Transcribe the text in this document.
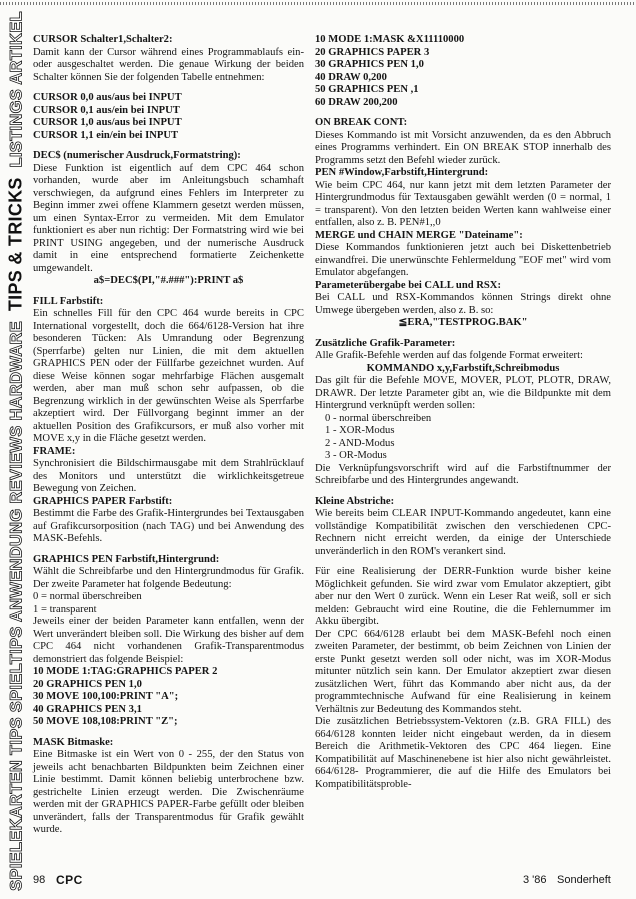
SPIELEKARTEN TIPS SPIELTIPS ANWENDUNG REVIEWS HARDWARE  TIPS & TRICKS  LISTINGS ARTIKEL CURSOR Schalter1,Schalter2:

Damit kann der Cursor während eines Programmablaufs ein- oder ausgeschaltet werden. Die genaue Wirkung der beiden Schalter können Sie der folgenden Tabelle entnehmen:

CURSOR 0,0 aus/aus bei INPUT

CURSOR 0,1 aus/ein bei INPUT

CURSOR 1,0 aus/aus bei INPUT

CURSOR 1,1 ein/ein bei INPUT

DEC$ (numerischer Ausdruck,Formatstring):

Diese Funktion ist eigentlich auf dem CPC 464 schon vorhanden, wurde aber im Anleitungsbuch schamhaft verschwiegen, da aufgrund eines Fehlers im Interpreter zu Beginn immer zwei offene Klammern gesetzt werden müssen, um einen Syntax-Error zu vermeiden. Mit dem Emulator funktioniert es aber nun richtig: Der Formatstring wird wie bei PRINT USING angegeben, und der numerische Ausdruck damit in eine entsprechend formatierte Zeichenkette umgewandelt.

a$=DEC$(PI,"#.###"):PRINT a$

FILL Farbstift:

Ein schnelles Fill für den CPC 464 wurde bereits in CPC International vorgestellt, doch die 664/6128-Version hat ihre besonderen Tücken: Als Umrandung oder Begrenzung (Sperrfarbe) gelten nur Linien, die mit dem aktuellen GRAPHICS PEN oder der Füllfarbe gezeichnet wurden. Auf diese Weise können sogar mehrfarbige Flächen ausgemalt werden, aber man muß schon sehr aufpassen, ob die Begrenzung wirklich in der gewünschten Weise als Sperrfarbe akzeptiert wird. Der Füllvorgang beginnt immer an der aktuellen Position des Grafikcursors, er muß also vorher mit MOVE x,y in die Fläche gesetzt werden.

FRAME:

Synchronisiert die Bildschirmausgabe mit dem Strahlrücklauf des Monitors und unterstützt die wirklichkeitsgetreue Bewegung von Zeichen.

GRAPHICS PAPER Farbstift:

Bestimmt die Farbe des Grafik-Hintergrundes bei Textausgaben auf Grafikcursorposition (nach TAG) und bei Anwendung des MASK-Befehls.

GRAPHICS PEN Farbstift,Hintergrund:

Wählt die Schreibfarbe und den Hintergrundmodus für Grafik. Der zweite Parameter hat folgende Bedeutung:

0 = normal überschreiben

1 = transparent

Jeweils einer der beiden Parameter kann entfallen, wenn der Wert unverändert bleiben soll. Die Wirkung des bisher auf dem CPC 464 nicht vorhandenen Grafik-Transparentmodus demonstriert das folgende Beispiel:

10 MODE 1:TAG:GRAPHICS PAPER 2

20 GRAPHICS PEN 1,0

30 MOVE 100,100:PRINT "A";

40 GRAPHICS PEN 3,1

50 MOVE 108,108:PRINT "Z";

MASK Bitmaske:

Eine Bitmaske ist ein Wert von 0 - 255, der den Status von jeweils acht benachbarten Bildpunkten beim Zeichnen einer Linie bestimmt. Damit können beliebig unterbrochene bzw. gestrichelte Linien erzeugt werden. Die Zwischenräume werden mit der GRAPHICS PAPER-Farbe gefüllt oder bleiben unverändert, falls der Transparentmodus für Grafik gewählt wurde.

10 MODE 1:MASK &X11110000

20 GRAPHICS PAPER 3

30 GRAPHICS PEN 1,0

40 DRAW 0,200

50 GRAPHICS PEN ,1

60 DRAW 200,200

ON BREAK CONT:

Dieses Kommando ist mit Vorsicht anzuwenden, da es den Abbruch eines Programms verhindert. Ein ON BREAK STOP innerhalb des Programms setzt den Befehl wieder zurück.

PEN #Window,Farbstift,Hintergrund:

Wie beim CPC 464, nur kann jetzt mit dem letzten Parameter der Hintergrundmodus für Textausgaben gewählt werden (0 = normal, 1 = transparent). Von den letzten beiden Werten kann wahlweise einer entfallen, also z. B. PEN#1,,0

MERGE und CHAIN MERGE "Dateiname":

Diese Kommandos funktionieren jetzt auch bei Diskettenbetrieb einwandfrei. Die unerwünschte Fehlermeldung "EOF met" wird vom Emulator abgefangen.

Parameterübergabe bei CALL und RSX:

Bei CALL und RSX-Kommandos können Strings direkt ohne Umwege übergeben werden, also z. B. so:

≦ERA,"TESTPROG.BAK"

Zusätzliche Grafik-Parameter:

Alle Grafik-Befehle werden auf das folgende Format erweitert:

KOMMANDO x,y,Farbstift,Schreibmodus

Das gilt für die Befehle MOVE, MOVER, PLOT, PLOTR, DRAW, DRAWR. Der letzte Parameter gibt an, wie die Bildpunkte mit dem Hintergrund verknüpft werden sollen:

0 - normal überschreiben

1 - XOR-Modus

2 - AND-Modus

3 - OR-Modus

Die Verknüpfungsvorschrift wird auf die Farbstiftnummer der Schreibfarbe und des Hintergrundes angewandt.

Kleine Abstriche:

Wie bereits beim CLEAR INPUT-Kommando angedeutet, kann eine vollständige Kompatibilität zwischen den verschiedenen CPC-Rechnern nicht erreicht werden, da einige der Unterschiede unveränderlich in den ROM's verankert sind.

Für eine Realisierung der DERR-Funktion wurde bisher keine Möglichkeit gefunden. Sie wird zwar vom Emulator akzeptiert, gibt aber nur den Wert 0 zurück. Wenn ein Leser Rat weiß, soll er sich melden: Gebraucht wird eine Routine, die die Fehlernummer im Akku übergibt.

Der CPC 664/6128 erlaubt bei dem MASK-Befehl noch einen zweiten Parameter, der bestimmt, ob beim Zeichnen von Linien der erste Punkt gesetzt werden soll oder nicht, was im XOR-Modus mitunter nützlich sein kann. Der Emulator akzeptiert zwar diesen zusätzlichen Wert, führt das Kommando aber nicht aus, da der programmtechnische Aufwand für eine Realisierung in keinem Verhältnis zur Bedeutung des Kommandos steht.

Die zusätzlichen Betriebssystem-Vektoren (z.B. GRA FILL) des 664/6128 konnten leider nicht eingebaut werden, da in diesem Bereich die Arithmetik-Vektoren des CPC 464 liegen. Eine Kompatibilität auf Maschinenebene ist hier also nicht gewährleistet. 664/6128- Programmierer, die auf die Hilfe des Emulators bei Kompatibilitätsproble-

98 CPC	3 '86 Sonderheft
